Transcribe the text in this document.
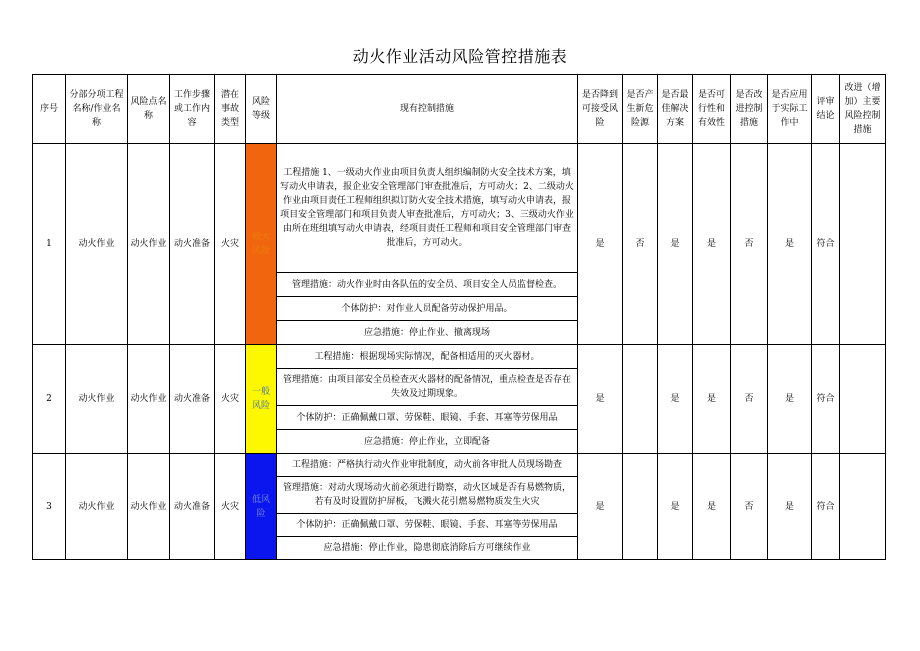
动火作业活动风险管控措施表
序号	分部分项工程名称/作业名称	风险点名称	工作步骤或工作内容	潜在事故类型	风险等级	现有控制措施	是否降到可接受风险	是否产生新危险源	是否最佳解决方案	是否可行性和有效性	是否改进控制措施	是否应用于实际工作中	评审结论	改进（增加）主要风险控制措施
1	动火作业	动火作业	动火准备	火灾	较大风险	工程措施 1、一级动火作业由项目负责人组织编制防火安全技术方案，填写动火申请表，报企业安全管理部门审查批准后，方可动火；2、二级动火作业由项目责任工程师组织拟订防火安全技术措施，填写动火申请表，报项目安全管理部门和项目负责人审查批准后，方可动火；3、三级动火作业由所在班组填写动火申请表，经项目责任工程师和项目安全管理部门审查批准后，方可动火。	是	否	是	是	否	是	符合	
						管理措施：动火作业时由各队伍的安全员、项目安全人员监督检查。								
						个体防护：对作业人员配备劳动保护用品。								
						应急措施：停止作业、撤离现场								
2	动火作业	动火作业	动火准备	火灾	一般风险	工程措施：根据现场实际情况，配备相适用的灭火器材。	是		是	是	否	是	符合	
						管理措施：由项目部安全员检查灭火器材的配备情况，重点检查是否存在失效及过期现象。								
						个体防护：正确佩戴口罩、劳保鞋、眼镜、手套、耳塞等劳保用品								
						应急措施：停止作业，立即配备								
3	动火作业	动火作业	动火准备	火灾	低风险	工程措施：严格执行动火作业审批制度，动火前各审批人员现场勘查	是		是	是	否	是	符合	
						管理措施：对动火现场动火前必须进行勘察，动火区域是否有易燃物质，若有及时设置防护屏板，飞溅火花引燃易燃物质发生火灾								
						个体防护：正确佩戴口罩、劳保鞋、眼镜、手套、耳塞等劳保用品								
						应急措施：停止作业，隐患彻底消除后方可继续作业								
